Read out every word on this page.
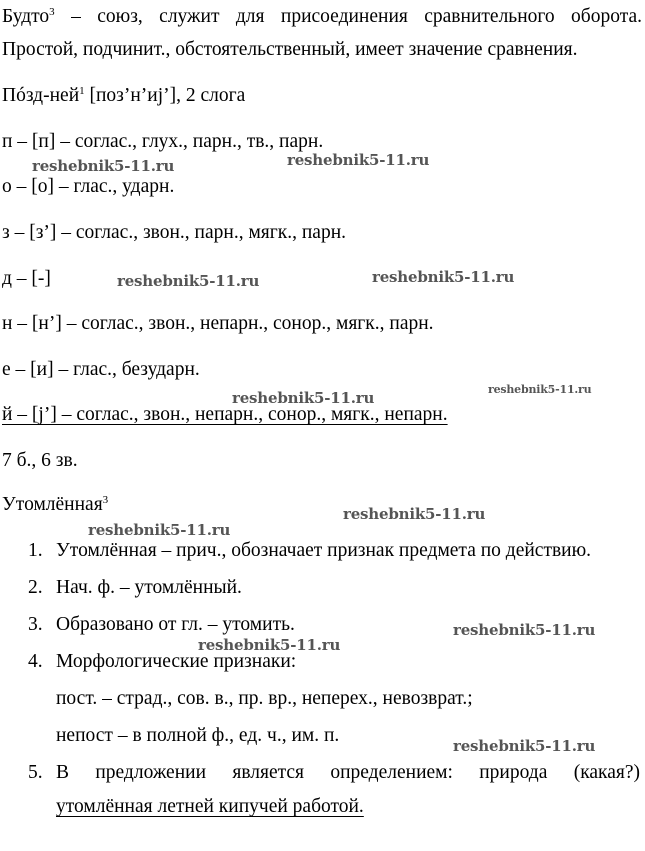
Будто$^3$ – союз, служит для присоединения сравнительного оборота.
Простой, подчинит., обстоятельственный, имеет значение сравнения.
Пóзд-ней$^1$ [поз’н’иj’], 2 слога
п – [п] – соглас., глух., парн., тв., парн.
о – [о] – глас., ударн.
з – [з’] – соглас., звон., парн., мягк., парн.
д – [-]
н – [н’] – соглас., звон., непарн., сонор., мягк., парн.
е – [и] – глас., безударн.
й – [j’] – соглас., звон., непарн., сонор., мягк., непарн.
7 б., 6 зв.
Утомлённая$^3$
1. Утомлённая – прич., обозначает признак предмета по действию.
2. Нач. ф. – утомлённый.
3. Образовано от гл. – утомить.
4. Морфологические признаки:
пост. – страд., сов. в., пр. вр., неперех., невозврат.;
непост – в полной ф., ед. ч., им. п.
5. В предложении является определением: природа (какая?)
утомлённая летней кипучей работой.
reshebnik5-11.ru	reshebnik5-11.ru
reshebnik5-11.ru	reshebnik5-11.ru
reshebnik5-11.ru	reshebnik5-11.ru
reshebnik5-11.ru
reshebnik5-11.ru
reshebnik5-11.ru
reshebnik5-11.ru
reshebnik5-11.ru
